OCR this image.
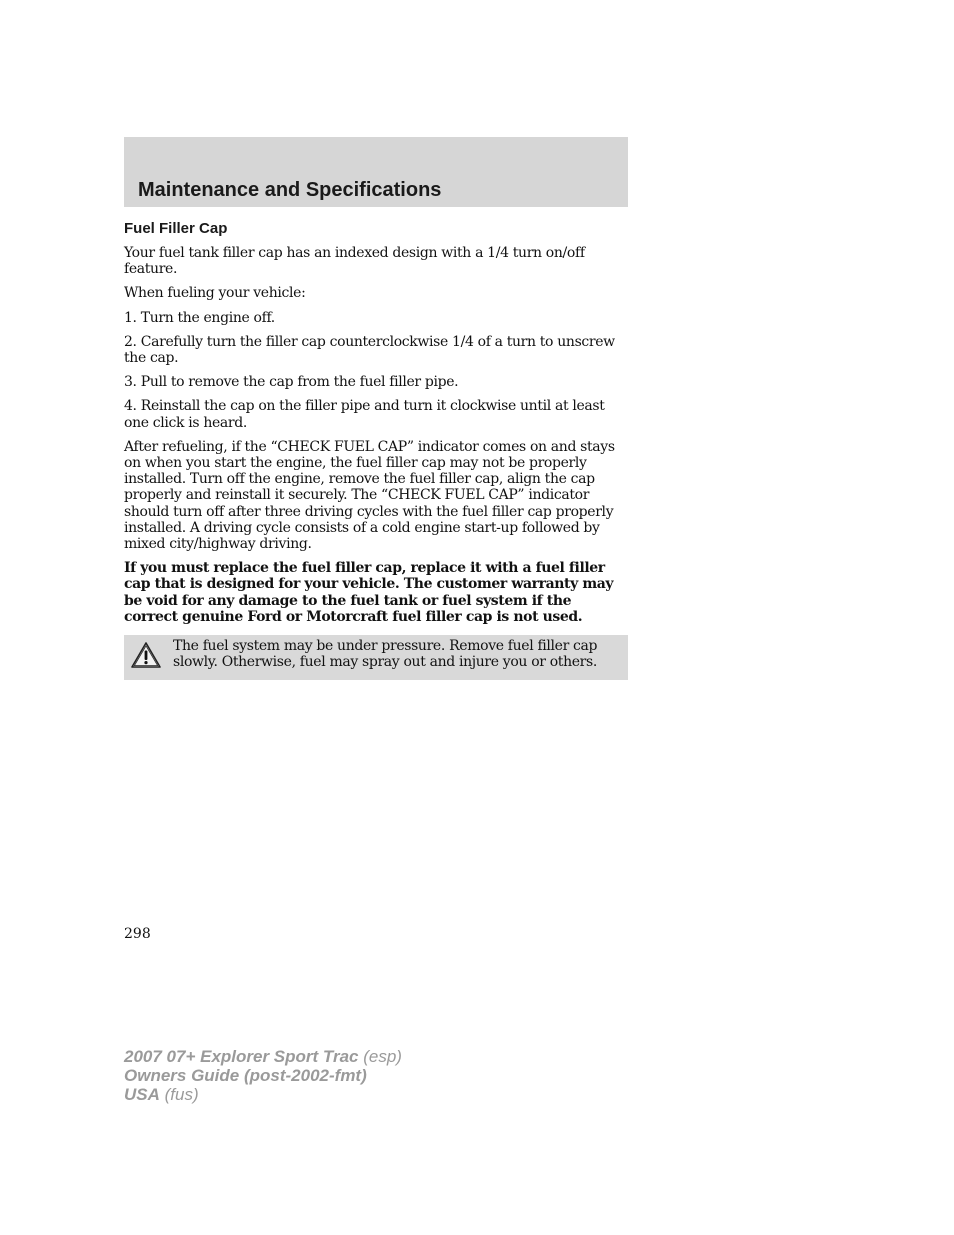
Maintenance and Specifications
Fuel Filler Cap

Your fuel tank filler cap has an indexed design with a 1/4 turn on/off feature.

When fueling your vehicle:

1. Turn the engine off.

2. Carefully turn the filler cap counterclockwise 1/4 of a turn to unscrew the cap.

3. Pull to remove the cap from the fuel filler pipe.

4. Reinstall the cap on the filler pipe and turn it clockwise until at least one click is heard.

After refueling, if the “CHECK FUEL CAP” indicator comes on and stays on when you start the engine, the fuel filler cap may not be properly installed. Turn off the engine, remove the fuel filler cap, align the cap properly and reinstall it securely. The “CHECK FUEL CAP” indicator should turn off after three driving cycles with the fuel filler cap properly installed. A driving cycle consists of a cold engine start-up followed by mixed city/highway driving.

If you must replace the fuel filler cap, replace it with a fuel filler cap that is designed for your vehicle. The customer warranty may be void for any damage to the fuel tank or fuel system if the correct genuine Ford or Motorcraft fuel filler cap is not used.

The fuel system may be under pressure. Remove fuel filler cap slowly. Otherwise, fuel may spray out and injure you or others.

298
2007 07+ Explorer Sport Trac (esp)
Owners Guide (post-2002-fmt)
USA (fus)
